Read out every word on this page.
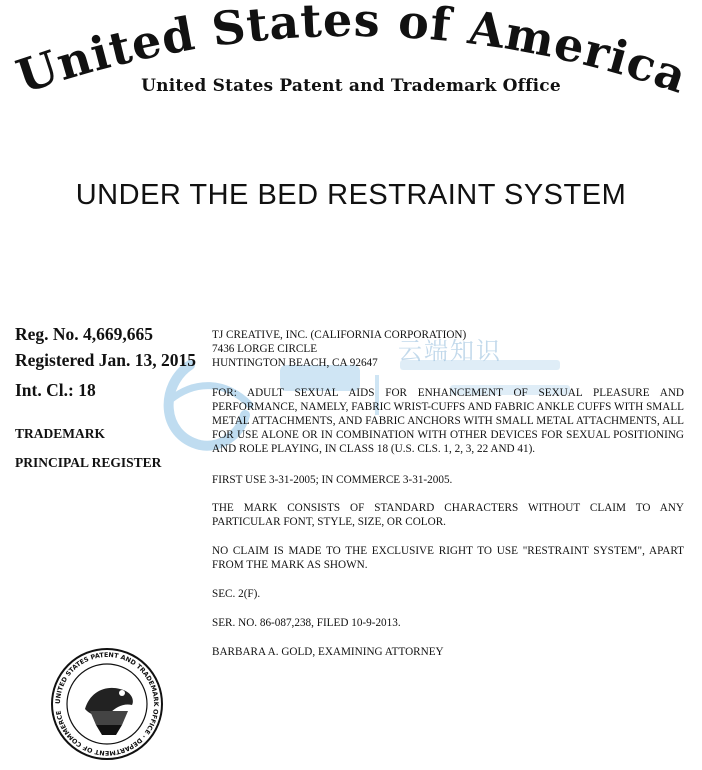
United States of America
United States Patent and Trademark Office
UNDER THE BED RESTRAINT SYSTEM
云端知识
Reg. No. 4,669,665
Registered Jan. 13, 2015
Int. Cl.: 18
TRADEMARK
PRINCIPAL REGISTER

TJ CREATIVE, INC. (CALIFORNIA CORPORATION)

7436 LORGE CIRCLE

HUNTINGTON BEACH, CA 92647

FOR: ADULT SEXUAL AIDS FOR ENHANCEMENT OF SEXUAL PLEASURE AND PERFORMANCE, NAMELY, FABRIC WRIST-CUFFS AND FABRIC ANKLE CUFFS WITH SMALL METAL ATTACHMENTS, AND FABRIC ANCHORS WITH SMALL METAL ATTACHMENTS, ALL FOR USE ALONE OR IN COMBINATION WITH OTHER DEVICES FOR SEXUAL POSITIONING AND ROLE PLAYING, IN CLASS 18 (U.S. CLS. 1, 2, 3, 22 AND 41).

FIRST USE 3-31-2005; IN COMMERCE 3-31-2005.

THE MARK CONSISTS OF STANDARD CHARACTERS WITHOUT CLAIM TO ANY PARTICULAR FONT, STYLE, SIZE, OR COLOR.

NO CLAIM IS MADE TO THE EXCLUSIVE RIGHT TO USE "RESTRAINT SYSTEM", APART FROM THE MARK AS SHOWN.

SEC. 2(F).

SER. NO. 86-087,238, FILED 10-9-2013.

BARBARA A. GOLD, EXAMINING ATTORNEY

UNITED STATES PATENT AND TRADEMARK OFFICE · DEPARTMENT OF COMMERCE
